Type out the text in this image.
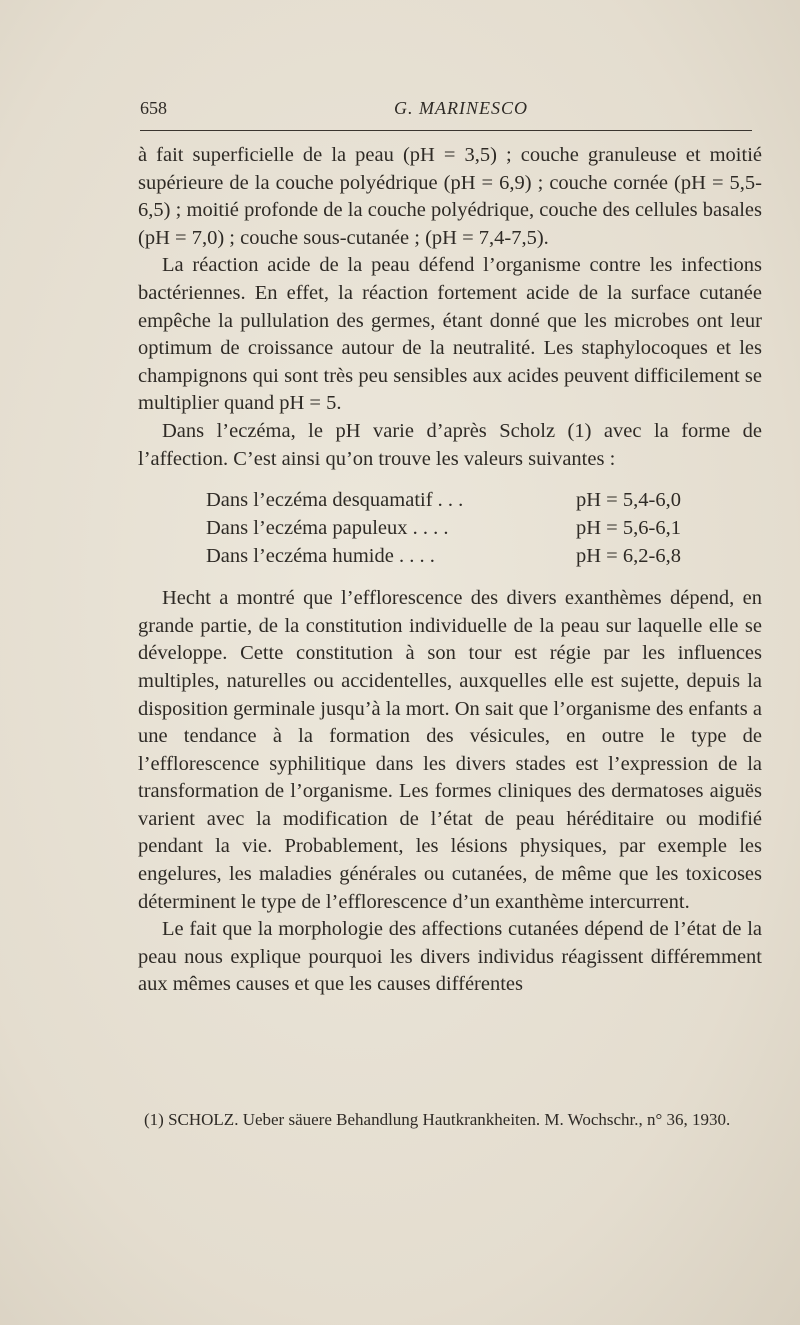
658	G. MARINESCO

à fait superficielle de la peau (pH = 3,5) ; couche granuleuse et moitié supérieure de la couche polyédrique (pH = 6,9) ; couche cornée (pH = 5,5-6,5) ; moitié profonde de la couche polyédrique, couche des cellules basales (pH = 7,0) ; couche sous-cutanée ; (pH = 7,4-7,5).

La réaction acide de la peau défend l’organisme contre les infections bactériennes. En effet, la réaction fortement acide de la surface cutanée empêche la pullulation des germes, étant donné que les microbes ont leur optimum de croissance autour de la neutralité. Les staphylocoques et les champignons qui sont très peu sensibles aux acides peuvent difficilement se multiplier quand pH = 5.

Dans l’eczéma, le pH varie d’après Scholz (1) avec la forme de l’affection. C’est ainsi qu’on trouve les valeurs suivantes :

Dans l’eczéma desquamatif . . .	pH = 5,4-6,0
Dans l’eczéma papuleux . . . .	pH = 5,6-6,1
Dans l’eczéma humide . . . .	pH = 6,2-6,8

Hecht a montré que l’efflorescence des divers exanthèmes dépend, en grande partie, de la constitution individuelle de la peau sur laquelle elle se développe. Cette constitution à son tour est régie par les influences multiples, naturelles ou accidentelles, auxquelles elle est sujette, depuis la disposition germinale jusqu’à la mort. On sait que l’organisme des enfants a une tendance à la formation des vésicules, en outre le type de l’efflorescence syphilitique dans les divers stades est l’expression de la transformation de l’organisme. Les formes cliniques des dermatoses aiguës varient avec la modification de l’état de peau héréditaire ou modifié pendant la vie. Probablement, les lésions physiques, par exemple les engelures, les maladies générales ou cutanées, de même que les toxicoses déterminent le type de l’efflorescence d’un exanthème intercurrent.

Le fait que la morphologie des affections cutanées dépend de l’état de la peau nous explique pourquoi les divers individus réagissent différemment aux mêmes causes et que les causes différentes

(1) SCHOLZ. Ueber säuere Behandlung Hautkrankheiten. M. Wochschr., n° 36, 1930.
